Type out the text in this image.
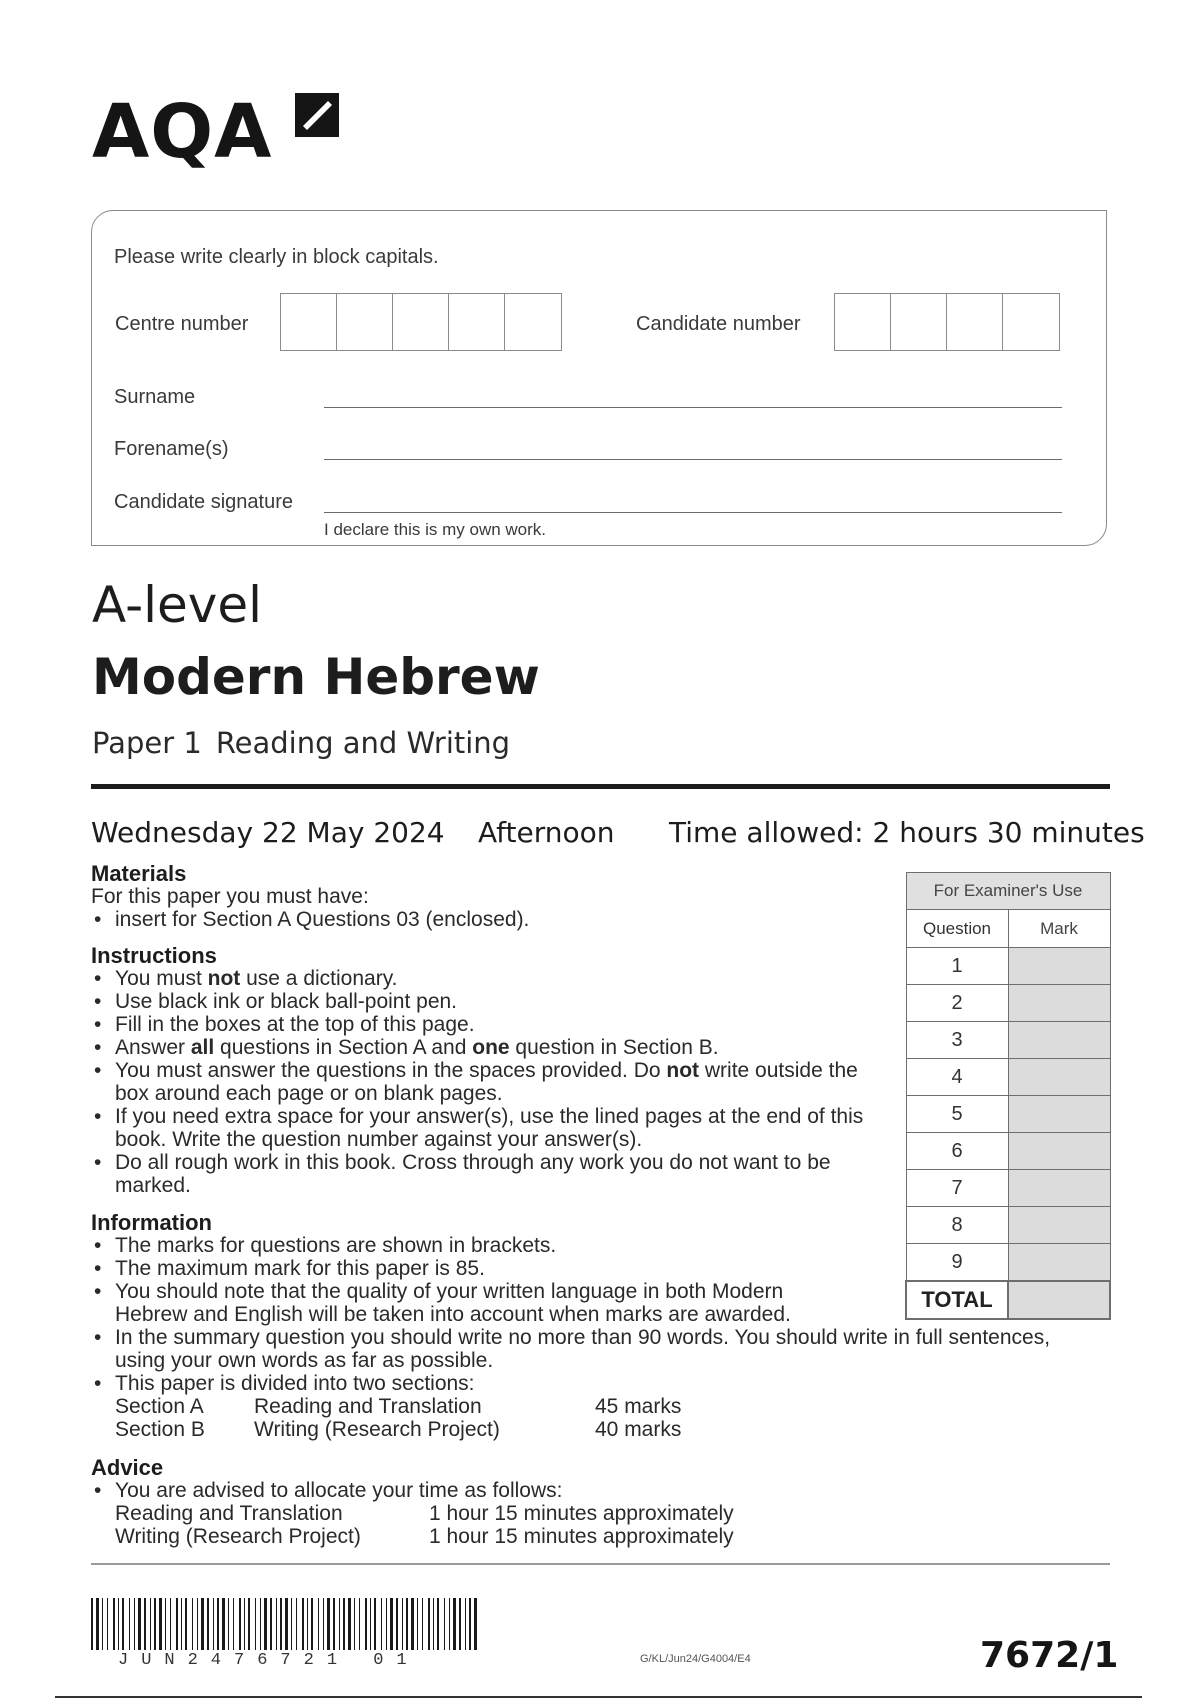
AQA
Please write clearly in block capitals.
Centre number	Candidate number
Surname
Forename(s)
Candidate signature
I declare this is my own work.
A-level
Modern Hebrew
Paper 1 Reading and Writing
Wednesday 22 May 2024 Afternoon Time allowed: 2 hours 30 minutes
Materials
For this paper you must have:
• insert for Section A Questions 03 (enclosed).
Instructions
• You must not use a dictionary.
• Use black ink or black ball-point pen.
• Fill in the boxes at the top of this page.
• Answer all questions in Section A and one question in Section B.
• You must answer the questions in the spaces provided. Do not write outside the box around each page or on blank pages.
• If you need extra space for your answer(s), use the lined pages at the end of this book. Write the question number against your answer(s).
• Do all rough work in this book. Cross through any work you do not want to be marked.
Information
• The marks for questions are shown in brackets.
• The maximum mark for this paper is 85.
• You should note that the quality of your written language in both Modern Hebrew and English will be taken into account when marks are awarded.
• In the summary question you should write no more than 90 words. You should write in full sentences, using your own words as far as possible.
• This paper is divided into two sections:
Section A Reading and Translation	45 marks
Section B Writing (Research Project)	40 marks
Advice
• You are advised to allocate your time as follows:
Reading and Translation	1 hour 15 minutes approximately
Writing (Research Project)	1 hour 15 minutes approximately
For Examiner's Use	
Question	Mark
1	
2	
3	
4	
5	
6	
7	
8	
9	
TOTAL	
JUN2476721 01	G/KL/Jun24/G4004/E4	7672/1
